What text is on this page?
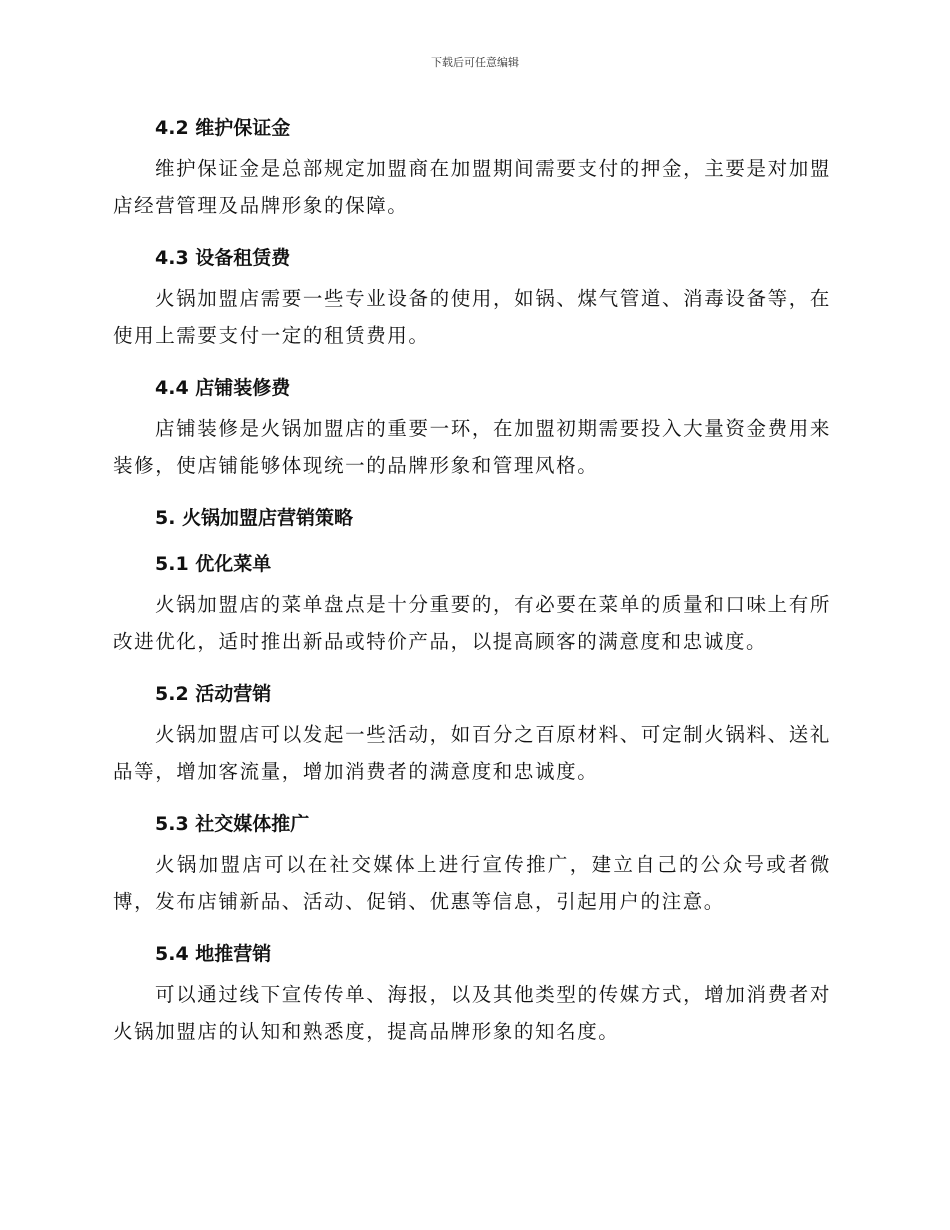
下载后可任意编辑
4.2 维护保证金

维护保证金是总部规定加盟商在加盟期间需要支付的押金，主要是对加盟店经营管理及品牌形象的保障。

4.3 设备租赁费

火锅加盟店需要一些专业设备的使用，如锅、煤气管道、消毒设备等，在使用上需要支付一定的租赁费用。

4.4 店铺装修费

店铺装修是火锅加盟店的重要一环，在加盟初期需要投入大量资金费用来装修，使店铺能够体现统一的品牌形象和管理风格。

5. 火锅加盟店营销策略
5.1 优化菜单

火锅加盟店的菜单盘点是十分重要的，有必要在菜单的质量和口味上有所改进优化，适时推出新品或特价产品，以提高顾客的满意度和忠诚度。

5.2 活动营销

火锅加盟店可以发起一些活动，如百分之百原材料、可定制火锅料、送礼品等，增加客流量，增加消费者的满意度和忠诚度。

5.3 社交媒体推广

火锅加盟店可以在社交媒体上进行宣传推广，建立自己的公众号或者微博，发布店铺新品、活动、促销、优惠等信息，引起用户的注意。

5.4 地推营销

可以通过线下宣传传单、海报，以及其他类型的传媒方式，增加消费者对火锅加盟店的认知和熟悉度，提高品牌形象的知名度。
